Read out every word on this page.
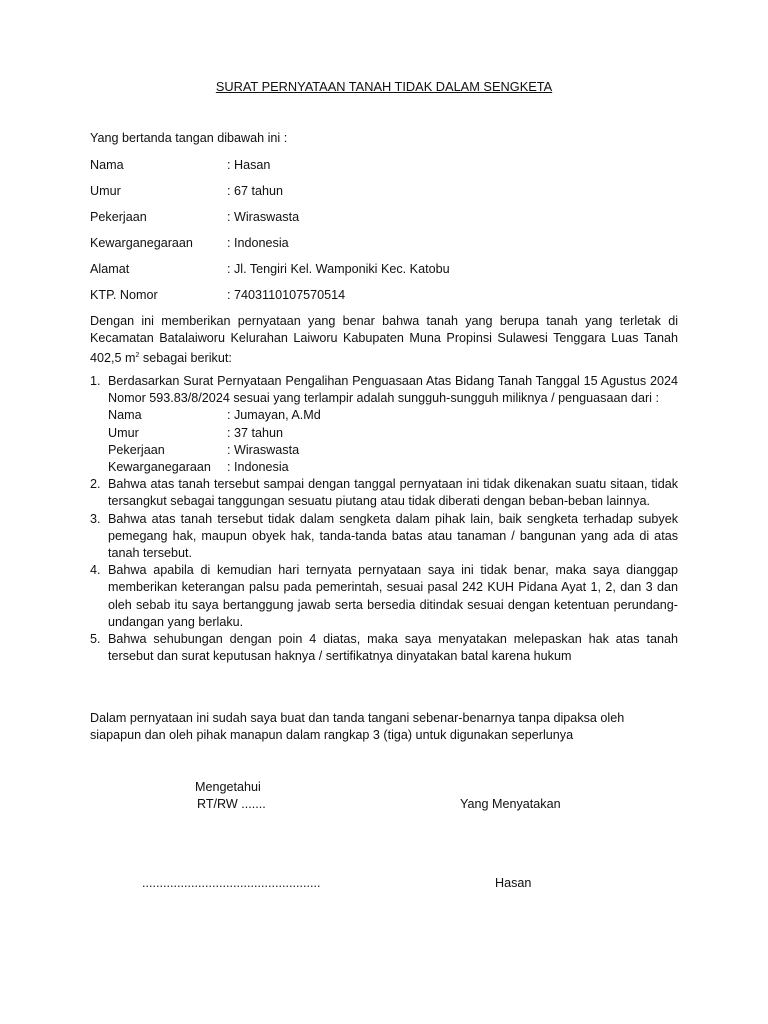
SURAT PERNYATAAN TANAH TIDAK DALAM SENGKETA
Yang bertanda tangan dibawah ini :
Nama	: Hasan
Umur	: 67 tahun
Pekerjaan	: Wiraswasta
Kewarganegaraan	: Indonesia
Alamat	: Jl. Tengiri Kel. Wamponiki Kec. Katobu
KTP. Nomor	: 7403110107570514
Dengan ini memberikan pernyataan yang benar bahwa tanah yang berupa tanah yang terletak di Kecamatan Batalaiworu Kelurahan Laiworu Kabupaten Muna Propinsi Sulawesi Tenggara Luas Tanah 402,5 $m^2$ sebagai berikut:
1. Berdasarkan Surat Pernyataan Pengalihan Penguasaan Atas Bidang Tanah Tanggal 15 Agustus 2024 Nomor 593.83/8/2024 sesuai yang terlampir adalah sungguh-sungguh miliknya / penguasaan dari :
Nama	: Jumayan, A.Md
Umur	: 37 tahun
Pekerjaan	: Wiraswasta
Kewarganegaraan	: Indonesia
2. Bahwa atas tanah tersebut sampai dengan tanggal pernyataan ini tidak dikenakan suatu sitaan, tidak tersangkut sebagai tanggungan sesuatu piutang atau tidak diberati dengan beban-beban lainnya.
3. Bahwa atas tanah tersebut tidak dalam sengketa dalam pihak lain, baik sengketa terhadap subyek pemegang hak, maupun obyek hak, tanda-tanda batas atau tanaman / bangunan yang ada di atas tanah tersebut.
4. Bahwa apabila di kemudian hari ternyata pernyataan saya ini tidak benar, maka saya dianggap memberikan keterangan palsu pada pemerintah, sesuai pasal 242 KUH Pidana Ayat 1, 2, dan 3 dan oleh sebab itu saya bertanggung jawab serta bersedia ditindak sesuai dengan ketentuan perundang-undangan yang berlaku.
5. Bahwa sehubungan dengan poin 4 diatas, maka saya menyatakan melepaskan hak atas tanah tersebut dan surat keputusan haknya / sertifikatnya dinyatakan batal karena hukum
Dalam pernyataan ini sudah saya buat dan tanda tangani sebenar-benarnya tanpa dipaksa oleh siapapun dan oleh pihak manapun dalam rangkap 3 (tiga) untuk digunakan seperlunya
Mengetahui
RT/RW .......	Yang Menyatakan
...................................................	Hasan
